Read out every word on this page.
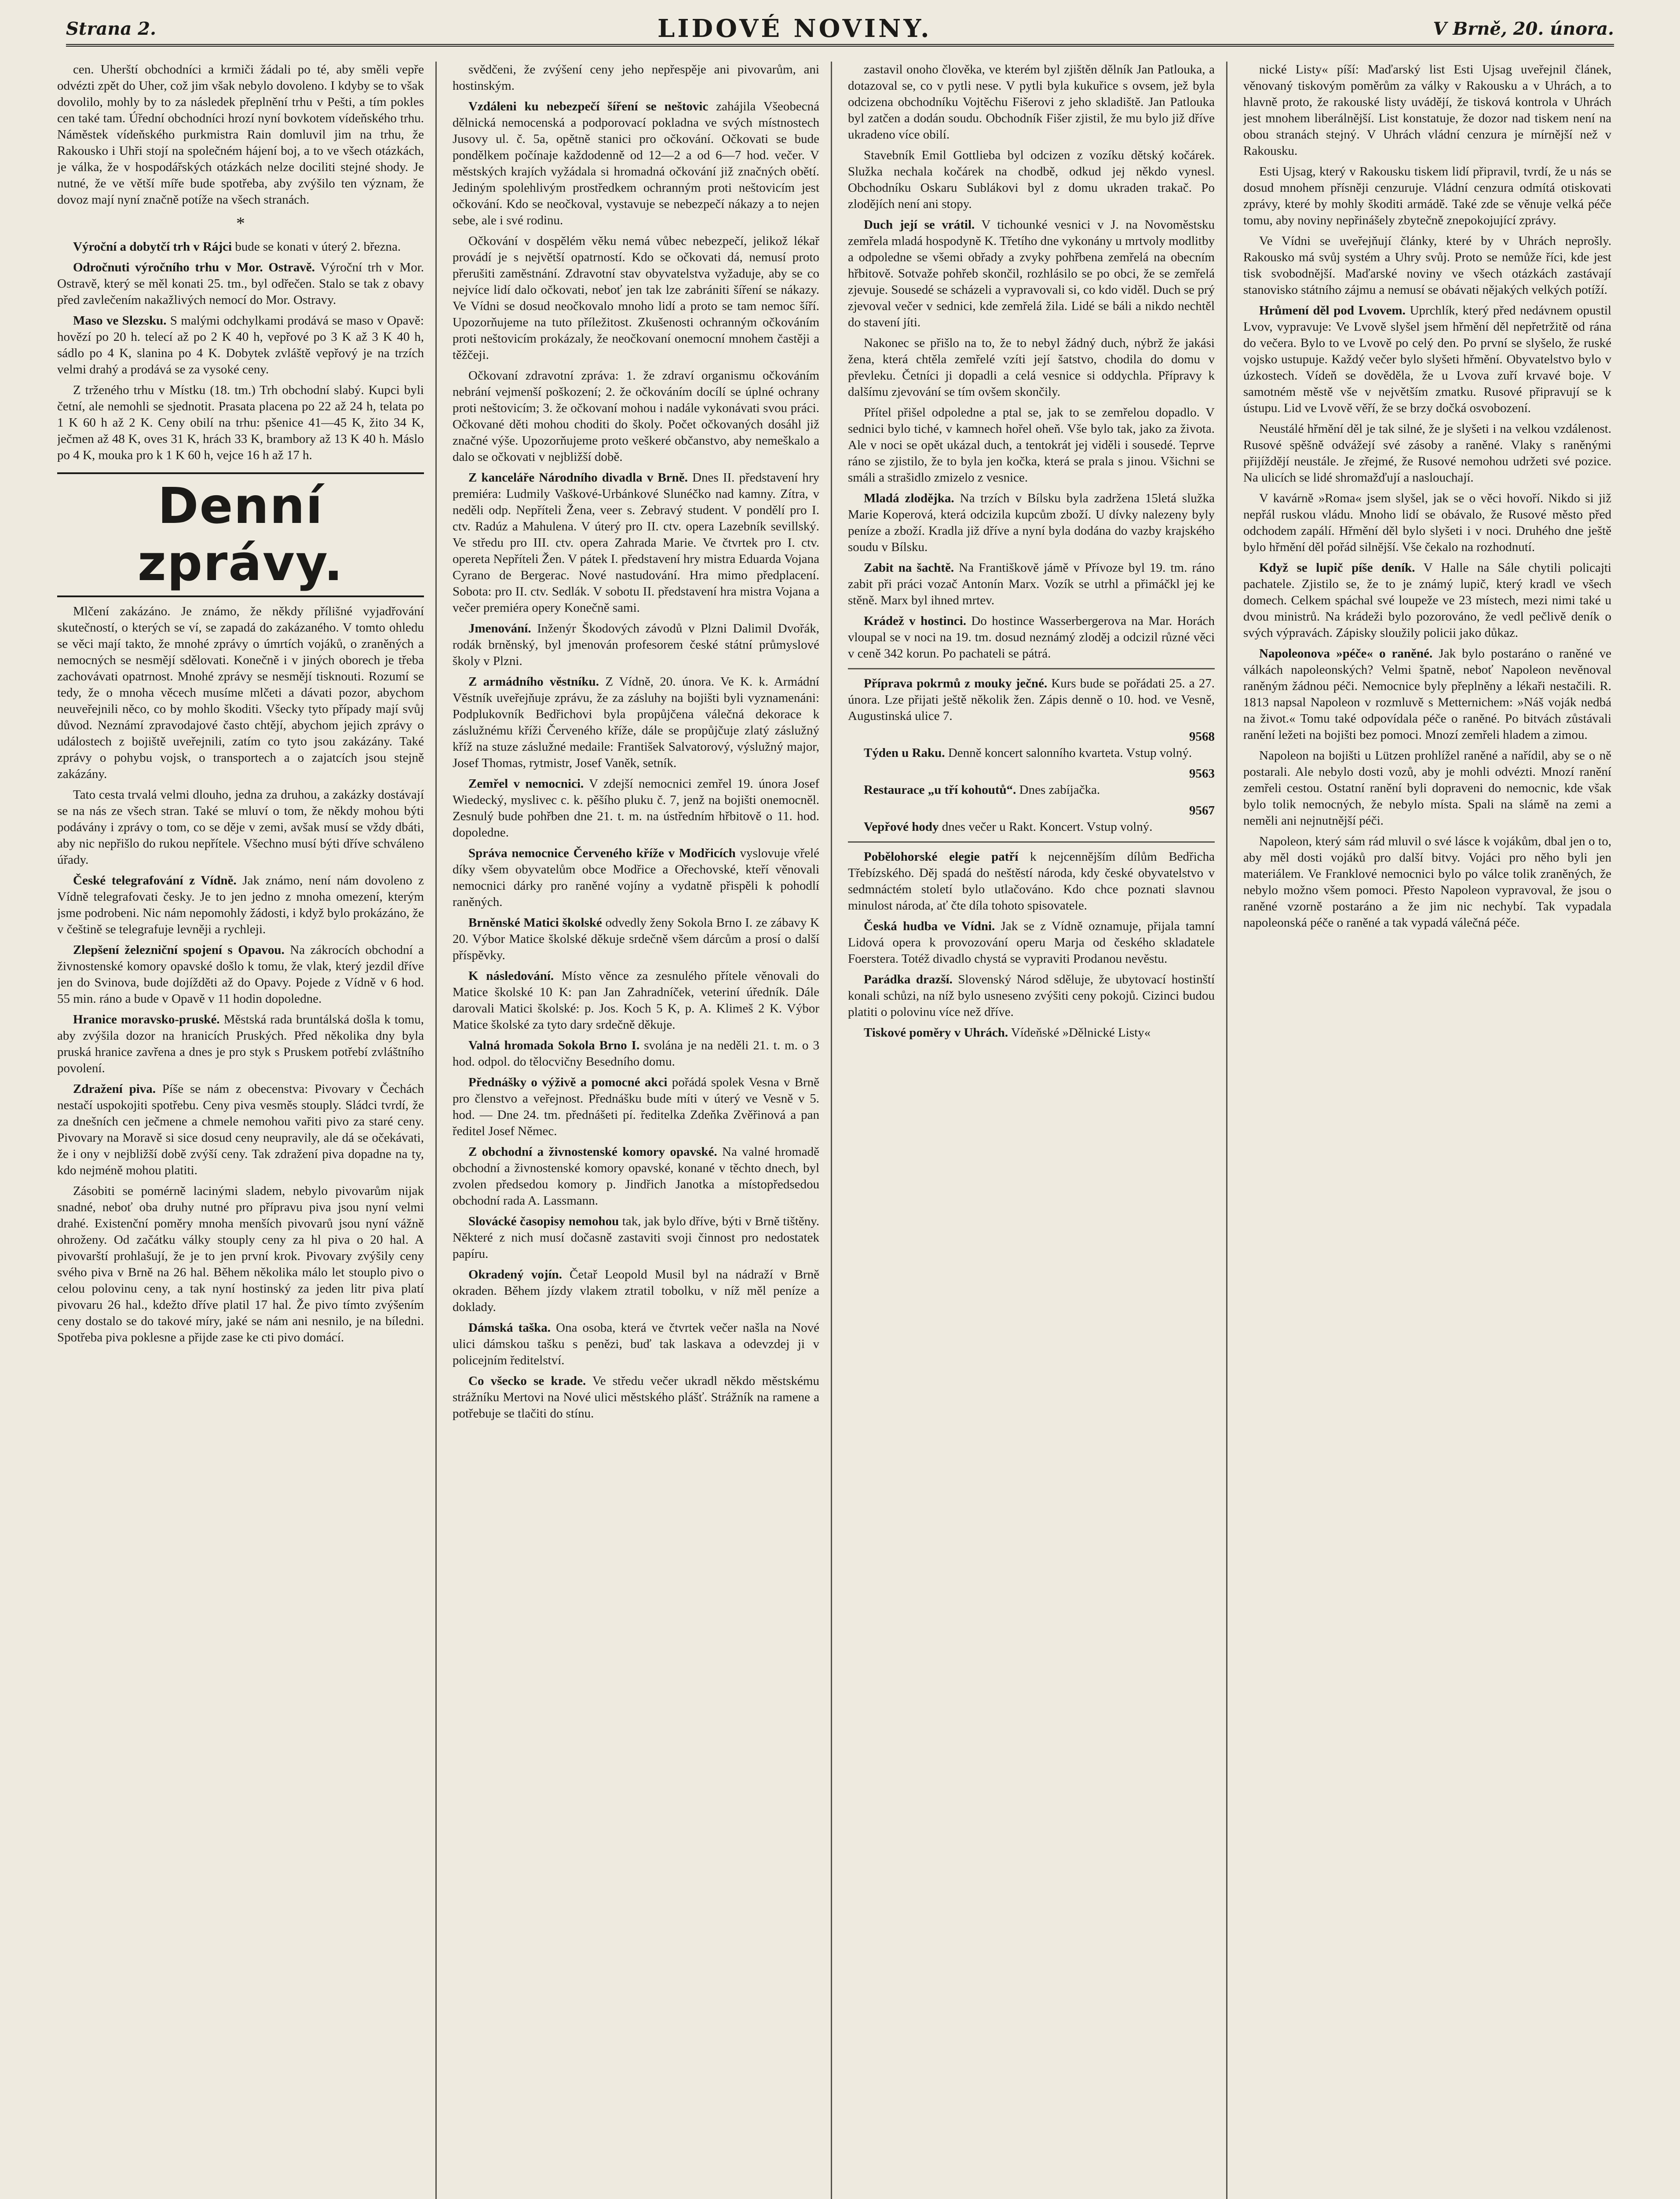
Strana 2.	LIDOVÉ NOVINY.	V Brně, 20. února.

cen. Uherští obchodníci a krmiči žádali po té, aby směli vepře odvézti zpět do Uher, což jim však nebylo dovoleno. I kdyby se to však dovolilo, mohly by to za následek přeplnění trhu v Pešti, a tím pokles cen také tam. Úřední obchodníci hrozí nyní bovkotem vídeňského trhu. Náměstek vídeňského purkmistra Rain domluvil jim na trhu, že Rakousko i Uhři stojí na společném hájení boj, a to ve všech otázkách, je válka, že v hospodářských otázkách nelze dociliti stejné shody. Je nutné, že ve větší míře bude spotřeba, aby zvýšilo ten význam, že dovoz mají nyní značně potíže na všech stranách.

*

Výroční a dobytčí trh v Rájci bude se konati v úterý 2. března.

Odročnuti výročního trhu v Mor. Ostravě. Výroční trh v Mor. Ostravě, který se měl konati 25. tm., byl odřečen. Stalo se tak z obavy před zavlečením nakažlivých nemocí do Mor. Ostravy.

Maso ve Slezsku. S malými odchylkami prodává se maso v Opavě: hovězí po 20 h. telecí až po 2 K 40 h, vepřové po 3 K až 3 K 40 h, sádlo po 4 K, slanina po 4 K. Dobytek zvláště vepřový je na trzích velmi drahý a prodává se za vysoké ceny.

Z trženého trhu v Místku (18. tm.) Trh obchodní slabý. Kupci byli četní, ale nemohli se sjednotit. Prasata placena po 22 až 24 h, telata po 1 K 60 h až 2 K. Ceny obilí na trhu: pšenice 41—45 K, žito 34 K, ječmen až 48 K, oves 31 K, hrách 33 K, brambory až 13 K 40 h. Máslo po 4 K, mouka pro k 1 K 60 h, vejce 16 h až 17 h.

Denní zprávy.

Mlčení zakázáno. Je známo, že někdy přílišné vyjadřování skutečností, o kterých se ví, se zapadá do zakázaného. V tomto ohledu se věci mají takto, že mnohé zprávy o úmrtích vojáků, o zraněných a nemocných se nesmějí sdělovati. Konečně i v jiných oborech je třeba zachovávati opatrnost. Mnohé zprávy se nesmějí tisknouti. Rozumí se tedy, že o mnoha věcech musíme mlčeti a dávati pozor, abychom neuveřejnili něco, co by mohlo škoditi. Všecky tyto případy mají svůj důvod. Neznámí zpravodajové často chtějí, abychom jejich zprávy o událostech z bojiště uveřejnili, zatím co tyto jsou zakázány. Také zprávy o pohybu vojsk, o transportech a o zajatcích jsou stejně zakázány.

Tato cesta trvalá velmi dlouho, jedna za druhou, a zakázky dostávají se na nás ze všech stran. Také se mluví o tom, že někdy mohou býti podávány i zprávy o tom, co se děje v zemi, avšak musí se vždy dbáti, aby nic nepřišlo do rukou nepřítele. Všechno musí býti dříve schváleno úřady.

České telegrafování z Vídně. Jak známo, není nám dovoleno z Vídně telegrafovati česky. Je to jen jedno z mnoha omezení, kterým jsme podrobeni. Nic nám nepomohly žádosti, i když bylo prokázáno, že v češtině se telegrafuje levněji a rychleji.

Zlepšení železniční spojení s Opavou. Na zákrocích obchodní a živnostenské komory opavské došlo k tomu, že vlak, který jezdil dříve jen do Svinova, bude dojížděti až do Opavy. Pojede z Vídně v 6 hod. 55 min. ráno a bude v Opavě v 11 hodin dopoledne.

Hranice moravsko-pruské. Městská rada bruntálská došla k tomu, aby zvýšila dozor na hranicích Pruských. Před několika dny byla pruská hranice zavřena a dnes je pro styk s Pruskem potřebí zvláštního povolení.

Zdražení piva. Píše se nám z obecenstva: Pivovary v Čechách nestačí uspokojiti spotřebu. Ceny piva vesměs stouply. Sládci tvrdí, že za dnešních cen ječmene a chmele nemohou vařiti pivo za staré ceny. Pivovary na Moravě si sice dosud ceny neupravily, ale dá se očekávati, že i ony v nejbližší době zvýší ceny. Tak zdražení piva dopadne na ty, kdo nejméně mohou platiti.

Zásobiti se pomérně lacinými sladem, nebylo pivovarům nijak snadné, neboť oba druhy nutné pro přípravu piva jsou nyní velmi drahé. Existenční poměry mnoha menších pivovarů jsou nyní vážně ohroženy. Od začátku války stouply ceny za hl piva o 20 hal. A pivovarští prohlašují, že je to jen první krok. Pivovary zvýšily ceny svého piva v Brně na 26 hal. Během několika málo let stouplo pivo o celou polovinu ceny, a tak nyní hostinský za jeden litr piva platí pivovaru 26 hal., kdežto dříve platil 17 hal. Že pivo tímto zvýšením ceny dostalo se do takové míry, jaké se nám ani nesnilo, je na bíledni. Spotřeba piva poklesne a přijde zase ke cti pivo domácí.

svědčeni, že zvýšení ceny jeho nepřespěje ani pivovarům, ani hostinským.

Vzdáleni ku nebezpečí šíření se neštovic zahájila Všeobecná dělnická nemocenská a podporovací pokladna ve svých místnostech Jusovy ul. č. 5a, opětně stanici pro očkování. Očkovati se bude pondělkem počínaje každodenně od 12—2 a od 6—7 hod. večer. V městských krajích vyžádala si hromadná očkování již značných obětí. Jediným spolehlivým prostředkem ochranným proti neštovicím jest očkování. Kdo se neočkoval, vystavuje se nebezpečí nákazy a to nejen sebe, ale i své rodinu.

Očkování v dospělém věku nemá vůbec nebezpečí, jelikož lékař provádí je s největší opatrností. Kdo se očkovati dá, nemusí proto přerušiti zaměstnání. Zdravotní stav obyvatelstva vyžaduje, aby se co nejvíce lidí dalo očkovati, neboť jen tak lze zabrániti šíření se nákazy. Ve Vídni se dosud neočkovalo mnoho lidí a proto se tam nemoc šíří. Upozorňujeme na tuto příležitost. Zkušenosti ochranným očkováním proti neštovicím prokázaly, že neočkovaní onemocní mnohem častěji a těžčeji.

Očkovaní zdravotní zpráva: 1. že zdraví organismu očkováním nebrání vejmenší poškození; 2. že očkováním docílí se úplné ochrany proti neštovicím; 3. že očkovaní mohou i nadále vykonávati svou práci. Očkované děti mohou choditi do školy. Počet očkovaných dosáhl již značné výše. Upozorňujeme proto veškeré občanstvo, aby nemeškalo a dalo se očkovati v nejbližší době.

Z kanceláře Národního divadla v Brně. Dnes II. představení hry premiéra: Ludmily Vaškové-Urbánkové Slunéčko nad kamny. Zítra, v neděli odp. Nepříteli Žena, veer s. Zebravý student. V pondělí pro I. ctv. Radúz a Mahulena. V úterý pro II. ctv. opera Lazebník sevillský. Ve středu pro III. ctv. opera Zahrada Marie. Ve čtvrtek pro I. ctv. opereta Nepříteli Žen. V pátek I. představení hry mistra Eduarda Vojana Cyrano de Bergerac. Nové nastudování. Hra mimo předplacení. Sobota: pro II. ctv. Sedlák. V sobotu II. představení hra mistra Vojana a večer premiéra opery Konečně sami.

Jmenování. Inženýr Škodových závodů v Plzni Dalimil Dvořák, rodák brněnský, byl jmenován profesorem české státní průmyslové školy v Plzni.

Z armádního věstníku. Z Vídně, 20. února. Ve K. k. Armádní Věstník uveřejňuje zprávu, že za zásluhy na bojišti byli vyznamenáni: Podplukovník Bedřichovi byla propůjčena válečná dekorace k záslužnému kříži Červeného kříže, dále se propůjčuje zlatý záslužný kříž na stuze záslužné medaile: František Salvatorový, výslužný major, Josef Thomas, rytmistr, Josef Vaněk, setník.

Zemřel v nemocnici. V zdejší nemocnici zemřel 19. února Josef Wiedecký, myslivec c. k. pěšího pluku č. 7, jenž na bojišti onemocněl. Zesnulý bude pohřben dne 21. t. m. na ústředním hřbitově o 11. hod. dopoledne.

Správa nemocnice Červeného kříže v Modřicích vyslovuje vřelé díky všem obyvatelům obce Modřice a Ořechovské, kteří věnovali nemocnici dárky pro raněné vojíny a vydatně přispěli k pohodlí raněných.

Brněnské Matici školské odvedly ženy Sokola Brno I. ze zábavy K 20. Výbor Matice školské děkuje srdečně všem dárcům a prosí o další příspěvky.

K následování. Místo věnce za zesnulého přítele věnovali do Matice školské 10 K: pan Jan Zahradníček, veteriní úředník. Dále darovali Matici školské: p. Jos. Koch 5 K, p. A. Klimeš 2 K. Výbor Matice školské za tyto dary srdečně děkuje.

Valná hromada Sokola Brno I. svolána je na neděli 21. t. m. o 3 hod. odpol. do tělocvičny Besedního domu.

Přednášky o výživě a pomocné akci pořádá spolek Vesna v Brně pro členstvo a veřejnost. Přednášku bude míti v úterý ve Vesně v 5. hod. — Dne 24. tm. přednášeti pí. ředitelka Zdeňka Zvěřinová a pan ředitel Josef Němec.

Z obchodní a živnostenské komory opavské. Na valné hromadě obchodní a živnostenské komory opavské, konané v těchto dnech, byl zvolen předsedou komory p. Jindřich Janotka a místopředsedou obchodní rada A. Lassmann.

Slovácké časopisy nemohou tak, jak bylo dříve, býti v Brně tištěny. Některé z nich musí dočasně zastaviti svoji činnost pro nedostatek papíru.

Okradený vojín. Četař Leopold Musil byl na nádraží v Brně okraden. Během jízdy vlakem ztratil tobolku, v níž měl peníze a doklady.

Dámská taška. Ona osoba, která ve čtvrtek večer našla na Nové ulici dámskou tašku s penězi, buď tak laskava a odevzdej ji v policejním ředitelství.

Co všecko se krade. Ve středu večer ukradl někdo městskému strážníku Mertovi na Nové ulici městského plášť. Strážník na ramene a potřebuje se tlačiti do stínu.

zastavil onoho člověka, ve kterém byl zjištěn dělník Jan Patlouka, a dotazoval se, co v pytli nese. V pytli byla kukuřice s ovsem, jež byla odcizena obchodníku Vojtěchu Fišerovi z jeho skladiště. Jan Patlouka byl zatčen a dodán soudu. Obchodník Fišer zjistil, že mu bylo již dříve ukradeno více obilí.

Stavebník Emil Gottlieba byl odcizen z vozíku dětský kočárek. Služka nechala kočárek na chodbě, odkud jej někdo vynesl. Obchodníku Oskaru Sublákovi byl z domu ukraden trakač. Po zlodějích není ani stopy.

Duch její se vrátil. V tichounké vesnici v J. na Novoměstsku zemřela mladá hospodyně K. Třetího dne vykonány u mrtvoly modlitby a odpoledne se všemi obřady a zvyky pohřbena zemřelá na obecním hřbitově. Sotvaže pohřeb skončil, rozhlásilo se po obci, že se zemřelá zjevuje. Sousedé se scházeli a vypravovali si, co kdo viděl. Duch se prý zjevoval večer v sednici, kde zemřelá žila. Lidé se báli a nikdo nechtěl do stavení jíti.

Nakonec se přišlo na to, že to nebyl žádný duch, nýbrž že jakási žena, která chtěla zemřelé vzíti její šatstvo, chodila do domu v převleku. Četníci ji dopadli a celá vesnice si oddychla. Přípravy k dalšímu zjevování se tím ovšem skončily.

Přítel přišel odpoledne a ptal se, jak to se zemřelou dopadlo. V sednici bylo tiché, v kamnech hořel oheň. Vše bylo tak, jako za života. Ale v noci se opět ukázal duch, a tentokrát jej viděli i sousedé. Teprve ráno se zjistilo, že to byla jen kočka, která se prala s jinou. Všichni se smáli a strašidlo zmizelo z vesnice.

Mladá zlodějka. Na trzích v Bílsku byla zadržena 15letá služka Marie Koperová, která odcizila kupcům zboží. U dívky nalezeny byly peníze a zboží. Kradla již dříve a nyní byla dodána do vazby krajského soudu v Bílsku.

Zabit na šachtě. Na Františkově jámě v Přívoze byl 19. tm. ráno zabit při práci vozač Antonín Marx. Vozík se utrhl a přimáčkl jej ke stěně. Marx byl ihned mrtev.

Krádež v hostinci. Do hostince Wasserbergerova na Mar. Horách vloupal se v noci na 19. tm. dosud neznámý zloděj a odcizil různé věci v ceně 342 korun. Po pachateli se pátrá.

Příprava pokrmů z mouky ječné. Kurs bude se pořádati 25. a 27. února. Lze přijati ještě několik žen. Zápis denně o 10. hod. ve Vesně, Augustinská ulice 7.

9568

Týden u Raku. Denně koncert salonního kvarteta. Vstup volný.

9563

Restaurace „u tří kohoutů“. Dnes zabíjačka.

9567

Vepřové hody dnes večer u Rakt. Koncert. Vstup volný.

Pobělohorské elegie patří k nejcennějším dílům Bedřicha Třebízského. Děj spadá do neštěstí národa, kdy české obyvatelstvo v sedmnáctém století bylo utlačováno. Kdo chce poznati slavnou minulost národa, ať čte díla tohoto spisovatele.

Česká hudba ve Vídni. Jak se z Vídně oznamuje, přijala tamní Lidová opera k provozování operu Marja od českého skladatele Foerstera. Totéž divadlo chystá se vypraviti Prodanou nevěstu.

Parádka drazší. Slovenský Národ sděluje, že ubytovací hostinští konali schůzi, na níž bylo usneseno zvýšiti ceny pokojů. Cizinci budou platiti o polovinu více než dříve.

Tiskové poměry v Uhrách. Vídeňské »Dělnické Listy«

nické Listy« píší: Maďarský list Esti Ujsag uveřejnil článek, věnovaný tiskovým poměrům za války v Rakousku a v Uhrách, a to hlavně proto, že rakouské listy uvádějí, že tisková kontrola v Uhrách jest mnohem liberálnější. List konstatuje, že dozor nad tiskem není na obou stranách stejný. V Uhrách vládní cenzura je mírnější než v Rakousku.

Esti Ujsag, který v Rakousku tiskem lidí připravil, tvrdí, že u nás se dosud mnohem přísněji cenzuruje. Vládní cenzura odmítá otiskovati zprávy, které by mohly škoditi armádě. Také zde se věnuje velká péče tomu, aby noviny nepřinášely zbytečně znepokojující zprávy.

Ve Vídni se uveřejňují články, které by v Uhrách neprošly. Rakousko má svůj systém a Uhry svůj. Proto se nemůže říci, kde jest tisk svobodnější. Maďarské noviny ve všech otázkách zastávají stanovisko státního zájmu a nemusí se obávati nějakých velkých potíží.

Hrůmení děl pod Lvovem. Uprchlík, který před nedávnem opustil Lvov, vypravuje: Ve Lvově slyšel jsem hřmění děl nepřetržitě od rána do večera. Bylo to ve Lvově po celý den. Po první se slyšelo, že ruské vojsko ustupuje. Každý večer bylo slyšeti hřmění. Obyvatelstvo bylo v úzkostech. Vídeň se dověděla, že u Lvova zuří krvavé boje. V samotném městě vše v největším zmatku. Rusové připravují se k ústupu. Lid ve Lvově věří, že se brzy dočká osvobození.

Neustálé hřmění děl je tak silné, že je slyšeti i na velkou vzdálenost. Rusové spěšně odvážejí své zásoby a raněné. Vlaky s raněnými přijíždějí neustále. Je zřejmé, že Rusové nemohou udržeti své pozice. Na ulicích se lidé shromažďují a naslouchají.

V kavárně »Roma« jsem slyšel, jak se o věci hovoří. Nikdo si již nepřál ruskou vládu. Mnoho lidí se obávalo, že Rusové město před odchodem zapálí. Hřmění děl bylo slyšeti i v noci. Druhého dne ještě bylo hřmění děl pořád silnější. Vše čekalo na rozhodnutí.

Když se lupič píše deník. V Halle na Sále chytili policajti pachatele. Zjistilo se, že to je známý lupič, který kradl ve všech domech. Celkem spáchal své loupeže ve 23 místech, mezi nimi také u dvou ministrů. Na krádeži bylo pozorováno, že vedl pečlivě deník o svých výpravách. Zápisky sloužily policii jako důkaz.

Napoleonova »péče« o raněné. Jak bylo postaráno o raněné ve válkách napoleonských? Velmi špatně, neboť Napoleon nevěnoval raněným žádnou péči. Nemocnice byly přeplněny a lékaři nestačili. R. 1813 napsal Napoleon v rozmluvě s Metternichem: »Náš voják nedbá na život.« Tomu také odpovídala péče o raněné. Po bitvách zůstávali ranění ležeti na bojišti bez pomoci. Mnozí zemřeli hladem a zimou.

Napoleon na bojišti u Lützen prohlížel raněné a nařídil, aby se o ně postarali. Ale nebylo dosti vozů, aby je mohli odvézti. Mnozí ranění zemřeli cestou. Ostatní ranění byli dopraveni do nemocnic, kde však bylo tolik nemocných, že nebylo místa. Spali na slámě na zemi a neměli ani nejnutnější péči.

Napoleon, který sám rád mluvil o své lásce k vojákům, dbal jen o to, aby měl dosti vojáků pro další bitvy. Vojáci pro něho byli jen materiálem. Ve Franklové nemocnici bylo po válce tolik zraněných, že nebylo možno všem pomoci. Přesto Napoleon vypravoval, že jsou o raněné vzorně postaráno a že jim nic nechybí. Tak vypadala napoleonská péče o raněné a tak vypadá válečná péče.
